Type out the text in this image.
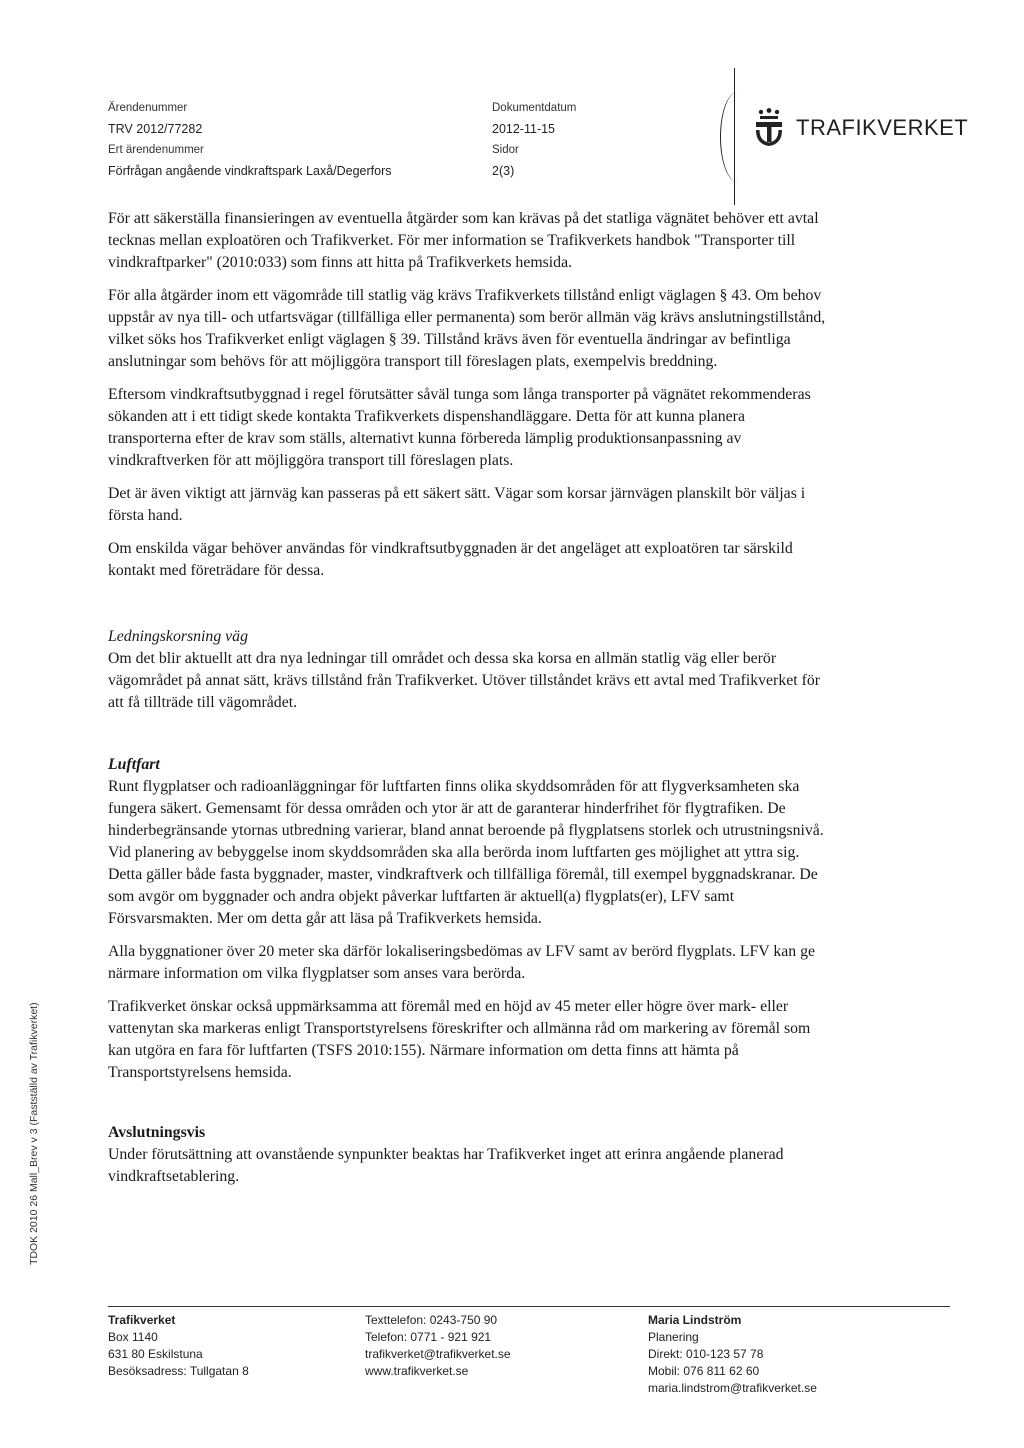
Ärendenummer
TRV 2012/77282
Ert ärendenummer
Förfrågan angående vindkraftspark Laxå/Degerfors
Dokumentdatum
2012-11-15
Sidor
2(3)
TRAFIKVERKET

För att säkerställa finansieringen av eventuella åtgärder som kan krävas på det statliga vägnätet behöver ett avtal tecknas mellan exploatören och Trafikverket. För mer information se Trafikverkets handbok "Transporter till vindkraftparker" (2010:033) som finns att hitta på Trafikverkets hemsida.

För alla åtgärder inom ett vägområde till statlig väg krävs Trafikverkets tillstånd enligt väglagen § 43. Om behov uppstår av nya till- och utfartsvägar (tillfälliga eller permanenta) som berör allmän väg krävs anslutningstillstånd, vilket söks hos Trafikverket enligt väglagen § 39. Tillstånd krävs även för eventuella ändringar av befintliga anslutningar som behövs för att möjliggöra transport till föreslagen plats, exempelvis breddning.

Eftersom vindkraftsutbyggnad i regel förutsätter såväl tunga som långa transporter på vägnätet rekommenderas sökanden att i ett tidigt skede kontakta Trafikverkets dispenshandläggare. Detta för att kunna planera transporterna efter de krav som ställs, alternativt kunna förbereda lämplig produktionsanpassning av vindkraftverken för att möjliggöra transport till föreslagen plats.

Det är även viktigt att järnväg kan passeras på ett säkert sätt. Vägar som korsar järnvägen planskilt bör väljas i första hand.

Om enskilda vägar behöver användas för vindkraftsutbyggnaden är det angeläget att exploatören tar särskild kontakt med företrädare för dessa.

Ledningskorsning väg

Om det blir aktuellt att dra nya ledningar till området och dessa ska korsa en allmän statlig väg eller berör vägområdet på annat sätt, krävs tillstånd från Trafikverket. Utöver tillståndet krävs ett avtal med Trafikverket för att få tillträde till vägområdet.

Luftfart

Runt flygplatser och radioanläggningar för luftfarten finns olika skyddsområden för att flygverksamheten ska fungera säkert. Gemensamt för dessa områden och ytor är att de garanterar hinderfrihet för flygtrafiken. De hinderbegränsande ytornas utbredning varierar, bland annat beroende på flygplatsens storlek och utrustningsnivå. Vid planering av bebyggelse inom skyddsområden ska alla berörda inom luftfarten ges möjlighet att yttra sig. Detta gäller både fasta byggnader, master, vindkraftverk och tillfälliga föremål, till exempel byggnadskranar. De som avgör om byggnader och andra objekt påverkar luftfarten är aktuell(a) flygplats(er), LFV samt Försvarsmakten. Mer om detta går att läsa på Trafikverkets hemsida.

Alla byggnationer över 20 meter ska därför lokaliseringsbedömas av LFV samt av berörd flygplats. LFV kan ge närmare information om vilka flygplatser som anses vara berörda.

Trafikverket önskar också uppmärksamma att föremål med en höjd av 45 meter eller högre över mark- eller vattenytan ska markeras enligt Transportstyrelsens föreskrifter och allmänna råd om markering av föremål som kan utgöra en fara för luftfarten (TSFS 2010:155). Närmare information om detta finns att hämta på Transportstyrelsens hemsida.

Avslutningsvis

Under förutsättning att ovanstående synpunkter beaktas har Trafikverket inget att erinra angående planerad vindkraftsetablering.

TDOK 2010 26 Mall_Brev v 3 (Fastställd av Trafikverket)
Trafikverket
Box 1140
631 80 Eskilstuna
Besöksadress: Tullgatan 8
Texttelefon: 0243-750 90
Telefon: 0771 - 921 921
trafikverket@trafikverket.se
www.trafikverket.se
Maria Lindström
Planering
Direkt: 010-123 57 78
Mobil: 076 811 62 60
maria.lindstrom@trafikverket.se
